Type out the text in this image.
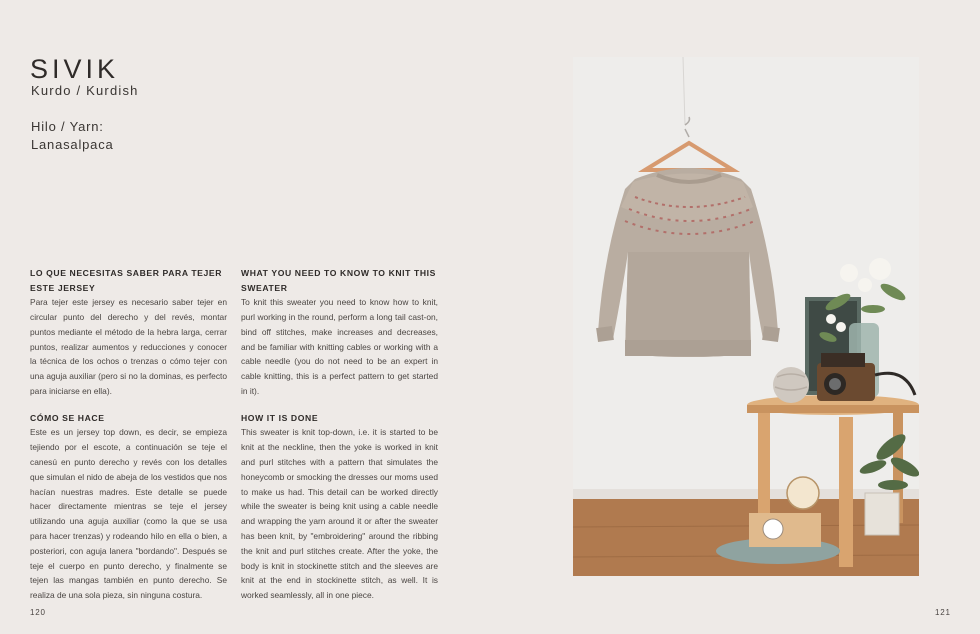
SIVIK
Kurdo / Kurdish
Hilo / Yarn:
Lanasalpaca
LO QUE NECESITAS SABER PARA TEJER ESTE JERSEY

Para tejer este jersey es necesario saber tejer en circular punto del derecho y del revés, montar puntos mediante el método de la hebra larga, cerrar puntos, realizar aumentos y reducciones y conocer la técnica de los ochos o trenzas o cómo tejer con una aguja auxiliar (pero si no la dominas, es perfecto para iniciarse en ella).

CÓMO SE HACE

Este es un jersey top down, es decir, se empieza tejiendo por el escote, a continuación se teje el canesú en punto derecho y revés con los detalles que simulan el nido de abeja de los vestidos que nos hacían nuestras madres. Este detalle se puede hacer directamente mientras se teje el jersey utilizando una aguja auxiliar (como la que se usa para hacer trenzas) y rodeando hilo en ella o bien, a posteriori, con aguja lanera "bordando". Después se teje el cuerpo en punto derecho, y finalmente se tejen las mangas también en punto derecho. Se realiza de una sola pieza, sin ninguna costura.

WHAT YOU NEED TO KNOW TO KNIT THIS SWEATER

To knit this sweater you need to know how to knit, purl working in the round, perform a long tail cast-on, bind off stitches, make increases and decreases, and be familiar with knitting cables or working with a cable needle (you do not need to be an expert in cable knitting, this is a perfect pattern to get started in it).

HOW IT IS DONE

This sweater is knit top-down, i.e. it is started to be knit at the neckline, then the yoke is worked in knit and purl stitches with a pattern that simulates the honeycomb or smocking the dresses our moms used to make us had. This detail can be worked directly while the sweater is being knit using a cable needle and wrapping the yarn around it or after the sweater has been knit, by "embroidering" around the ribbing the knit and purl stitches create. After the yoke, the body is knit in stockinette stitch and the sleeves are knit at the end in stockinette stitch, as well. It is worked seamlessly, all in one piece.

120	121
